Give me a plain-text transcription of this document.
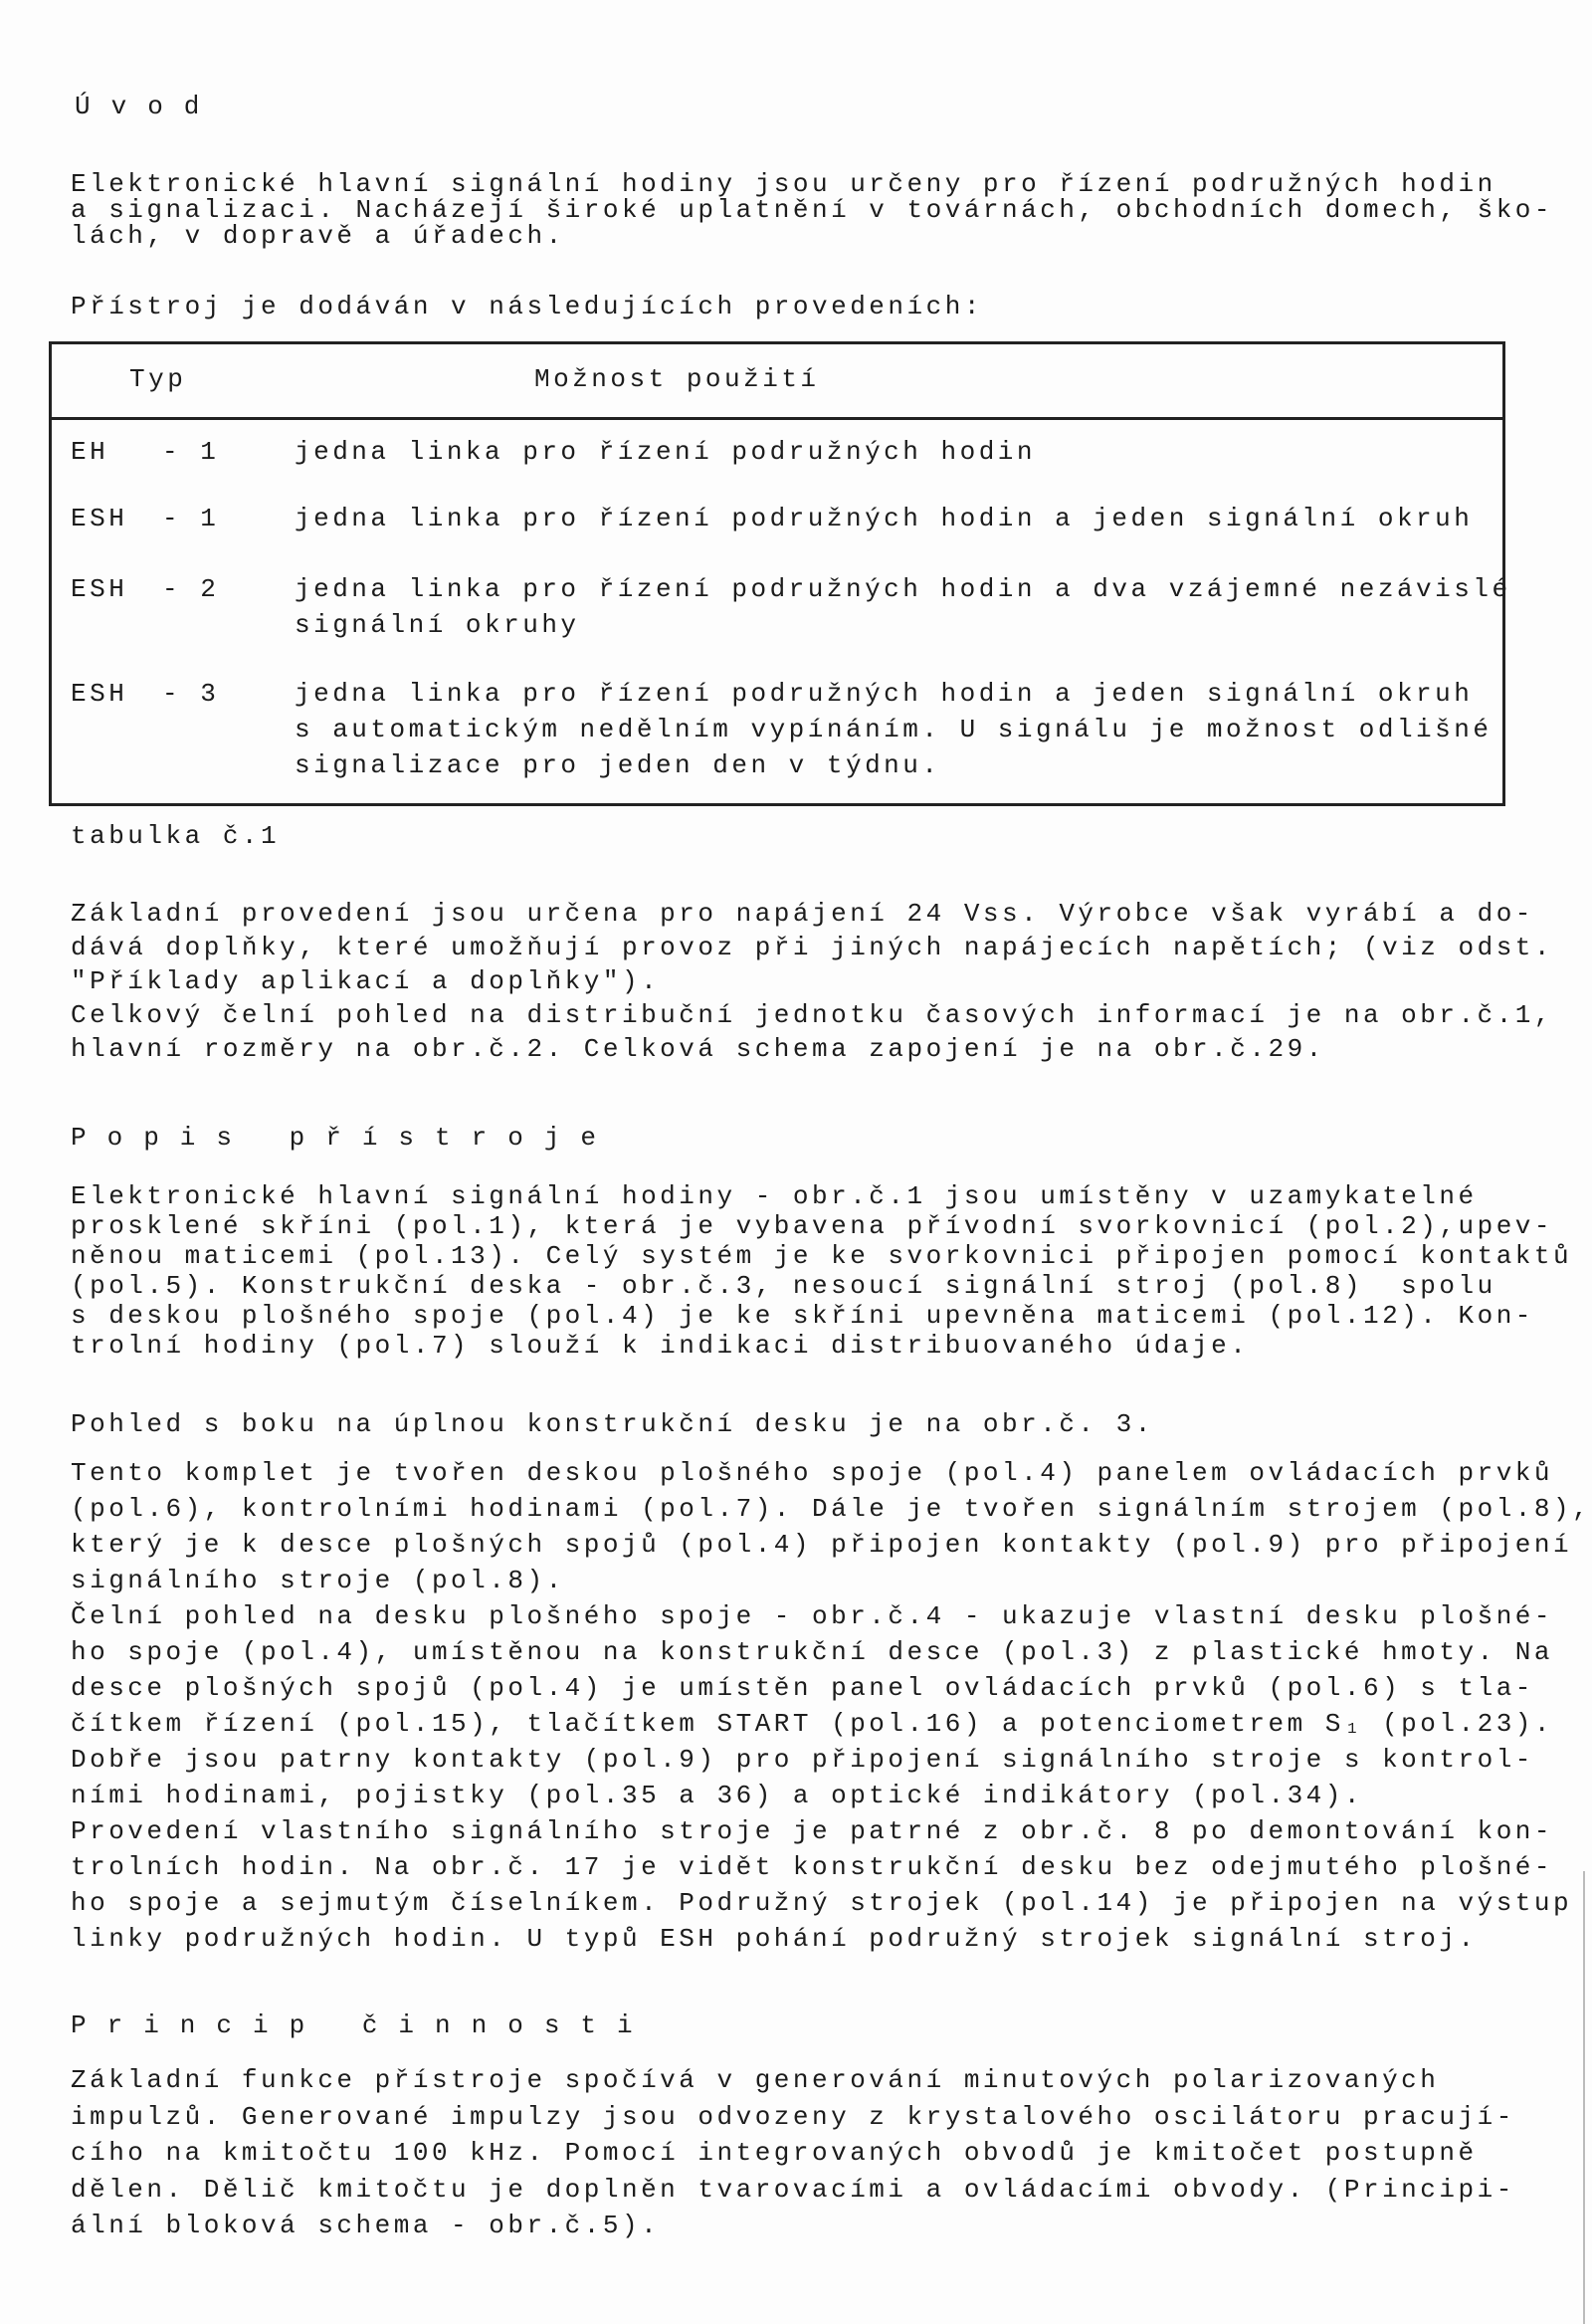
Úvod
Elektronické hlavní signální hodiny jsou určeny pro řízení podružných hodin
a signalizaci. Nacházejí široké uplatnění v továrnách, obchodních domech, ško-
lách, v dopravě a úřadech.
Přístroj je dodáván v následujících provedeních:
Typ	Možnost použití
EH - 1	jedna linka pro řízení podružných hodin
ESH - 1	jedna linka pro řízení podružných hodin a jeden signální okruh
ESH - 2	jedna linka pro řízení podružných hodin a dva vzájemné nezávislé
signální okruhy
ESH - 3	jedna linka pro řízení podružných hodin a jeden signální okruh
s automatickým nedělním vypínáním. U signálu je možnost odlišné
signalizace pro jeden den v týdnu.
tabulka č.1
Základní provedení jsou určena pro napájení 24 Vss. Výrobce však vyrábí a do-
dává doplňky, které umožňují provoz při jiných napájecích napětích; (viz odst.
"Příklady aplikací a doplňky").
Celkový čelní pohled na distribuční jednotku časových informací je na obr.č.1,
hlavní rozměry na obr.č.2. Celková schema zapojení je na obr.č.29.
Popis přístroje
Elektronické hlavní signální hodiny - obr.č.1 jsou umístěny v uzamykatelné
prosklené skříni (pol.1), která je vybavena přívodní svorkovnicí (pol.2),upev-
něnou maticemi (pol.13). Celý systém je ke svorkovnici připojen pomocí kontaktů
(pol.5). Konstrukční deska - obr.č.3, nesoucí signální stroj (pol.8)  spolu
s deskou plošného spoje (pol.4) je ke skříni upevněna maticemi (pol.12). Kon-
trolní hodiny (pol.7) slouží k indikaci distribuovaného údaje.
Pohled s boku na úplnou konstrukční desku je na obr.č. 3.
Tento komplet je tvořen deskou plošného spoje (pol.4) panelem ovládacích prvků
(pol.6), kontrolními hodinami (pol.7). Dále je tvořen signálním strojem (pol.8),
který je k desce plošných spojů (pol.4) připojen kontakty (pol.9) pro připojení
signálního stroje (pol.8).
Čelní pohled na desku plošného spoje - obr.č.4 - ukazuje vlastní desku plošné-
ho spoje (pol.4), umístěnou na konstrukční desce (pol.3) z plastické hmoty. Na
desce plošných spojů (pol.4) je umístěn panel ovládacích prvků (pol.6) s tla-
čítkem řízení (pol.15), tlačítkem START (pol.16) a potenciometrem S₁ (pol.23).
Dobře jsou patrny kontakty (pol.9) pro připojení signálního stroje s kontrol-
ními hodinami, pojistky (pol.35 a 36) a optické indikátory (pol.34).
Provedení vlastního signálního stroje je patrné z obr.č. 8 po demontování kon-
trolních hodin. Na obr.č. 17 je vidět konstrukční desku bez odejmutého plošné-
ho spoje a sejmutým číselníkem. Podružný strojek (pol.14) je připojen na výstup
linky podružných hodin. U typů ESH pohání podružný strojek signální stroj.
Princip činnosti
Základní funkce přístroje spočívá v generování minutových polarizovaných
impulzů. Generované impulzy jsou odvozeny z krystalového oscilátoru pracují-
cího na kmitočtu 100 kHz. Pomocí integrovaných obvodů je kmitočet postupně
dělen. Dělič kmitočtu je doplněn tvarovacími a ovládacími obvody. (Principi-
ální bloková schema - obr.č.5).
